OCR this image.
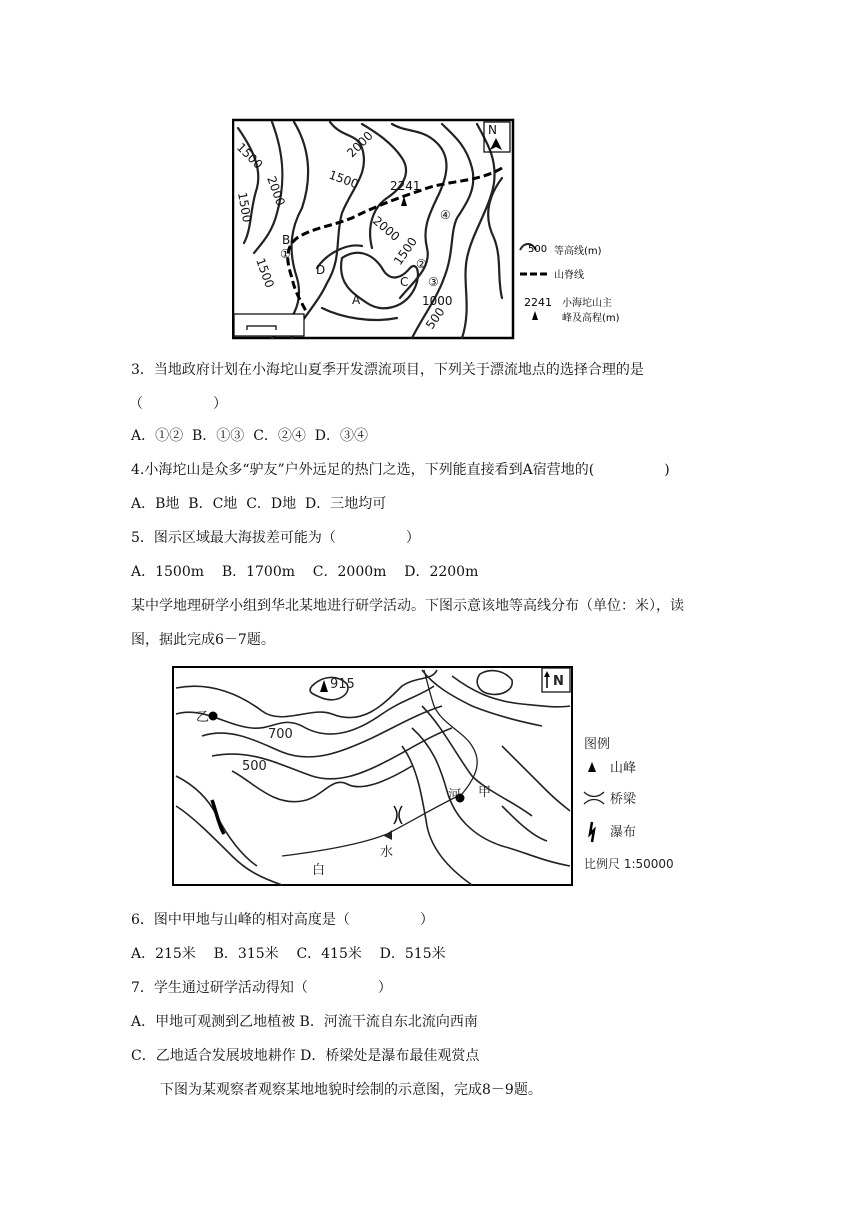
1500
2000
1500
1500
2000
1500
2000
1500
1000
500
2241
B
D
A
C
①
②
③
④
N
500 等高线(m)
山脊线
2241 小海坨山主
峰及高程(m)
3．当地政府计划在小海坨山夏季开发漂流项目，下列关于漂流地点的选择合理的是
（　　　　　）
A．①②  B．①③  C．②④  D．③④
4.小海坨山是众多“驴友”户外远足的热门之选，下列能直接看到A宿营地的(　　　　　)
A．B地  B．C地  C．D地  D．三地均可
5．图示区域最大海拔差可能为（　　　　　）
A．1500m    B．1700m    C．2000m    D．2200m
某中学地理研学小组到华北某地进行研学活动。下图示意该地等高线分布（单位：米），读
图，据此完成6－7题。
N
915
700
500
乙
甲
河
水
白
图例
山峰
桥梁
瀑布
比例尺 1:50000
6．图中甲地与山峰的相对高度是（　　　　　）
A．215米    B．315米    C．415米    D．515米
7．学生通过研学活动得知（　　　　　）
A．甲地可观测到乙地植被 B．河流干流自东北流向西南
C．乙地适合发展坡地耕作 D．桥梁处是瀑布最佳观赏点
下图为某观察者观察某地地貌时绘制的示意图，完成8－9题。
